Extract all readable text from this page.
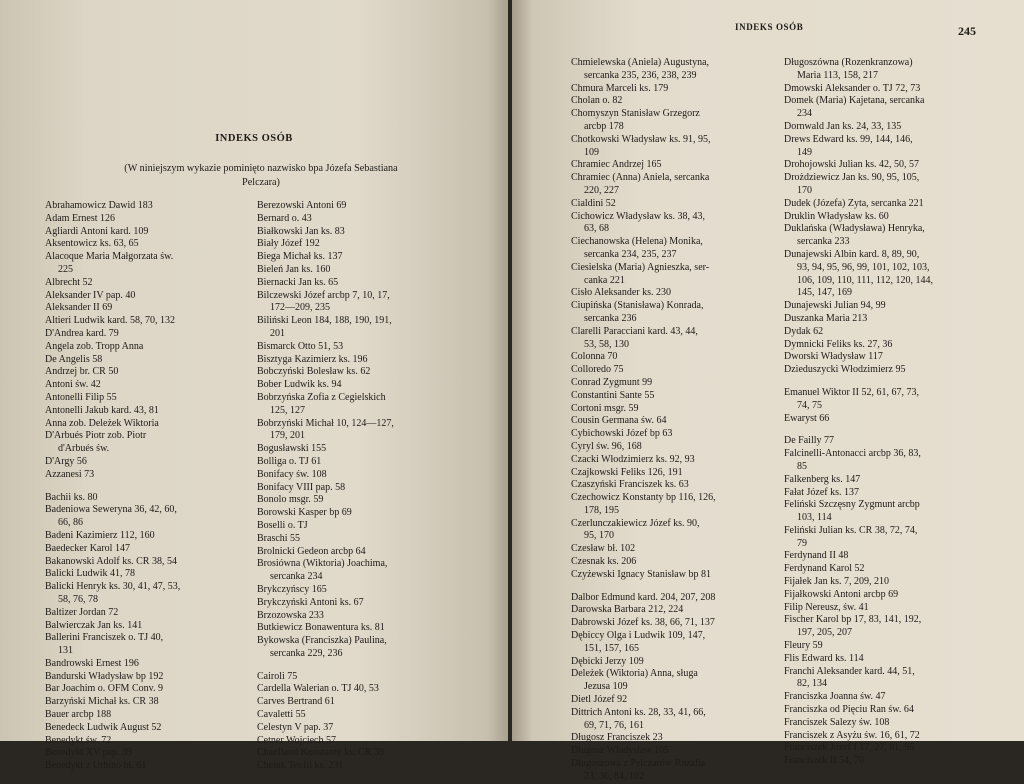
INDEKS OSÓB
(W niniejszym wykazie pominięto nazwisko bpa Józefa Sebastiana
Pelczara)
Abrahamowicz Dawid 183
Adam Ernest 126
Agliardi Antoni kard. 109
Aksentowicz ks. 63, 65
Alacoque Maria Małgorzata św.
225
Albrecht 52
Aleksander IV pap. 40
Aleksander II 69
Altieri Ludwik kard. 58, 70, 132
D'Andrea kard. 79
Angela zob. Tropp Anna
De Angelis 58
Andrzej br. CR 50
Antoni św. 42
Antonelli Filip 55
Antonelli Jakub kard. 43, 81
Anna zob. Deleżek Wiktoria
D'Arbués Piotr zob. Piotr
d'Arbués św.
D'Argy 56
Azzanesi 73
Bachii ks. 80
Badeniowa Seweryna 36, 42, 60,
66, 86
Badeni Kazimierz 112, 160
Baedecker Karol 147
Bakanowski Adolf ks. CR 38, 54
Balicki Ludwik 41, 78
Balicki Henryk ks. 30, 41, 47, 53,
58, 76, 78
Baltizer Jordan 72
Balwierczak Jan ks. 141
Ballerini Franciszek o. TJ 40,
131
Bandrowski Ernest 196
Bandurski Władysław bp 192
Bar Joachim o. OFM Conv. 9
Barzyński Michał ks. CR 38
Bauer arcbp 188
Benedeck Ludwik August 52
Benedykt św. 72
Benedykt XV pap. 39
Benedykt z Urbino bł. 61
Berezowski Antoni 69
Bernard o. 43
Białkowski Jan ks. 83
Biały Józef 192
Biega Michał ks. 137
Bieleń Jan ks. 160
Biernacki Jan ks. 65
Bilczewski Józef arcbp 7, 10, 17,
172—209, 235
Biliński Leon 184, 188, 190, 191,
201
Bismarck Otto 51, 53
Bisztyga Kazimierz ks. 196
Bobczyński Bolesław ks. 62
Bober Ludwik ks. 94
Bobrzyńska Zofia z Cegielskich
125, 127
Bobrzyński Michał 10, 124—127,
179, 201
Bogusławski 155
Bolliga o. TJ 61
Bonifacy św. 108
Bonifacy VIII pap. 58
Bonolo msgr. 59
Borowski Kasper bp 69
Boselli o. TJ
Braschi 55
Brolnicki Gedeon arcbp 64
Brosiówna (Wiktoria) Joachima,
sercanka 234
Brykczyńscy 165
Brykczyński Antoni ks. 67
Brzozowska 233
Butkiewicz Bonawentura ks. 81
Bykowska (Franciszka) Paulina,
sercanka 229, 236
Cairoli 75
Cardella Walerian o. TJ 40, 53
Carves Bertrand 61
Cavaletti 55
Celestyn V pap. 37
Cetner Wojciech 57
Chanlland Konstanty ks. CR 39
Cheiuk Teofil ks. 231
INDEKS OSÓB	245
Chmielewska (Aniela) Augustyna,
sercanka 235, 236, 238, 239
Chmura Marceli ks. 179
Cholan o. 82
Chomyszyn Stanisław Grzegorz
arcbp 178
Chotkowski Władysław ks. 91, 95,
109
Chramiec Andrzej 165
Chramiec (Anna) Aniela, sercanka
220, 227
Cialdini 52
Cichowicz Władysław ks. 38, 43,
63, 68
Ciechanowska (Helena) Monika,
sercanka 234, 235, 237
Ciesielska (Maria) Agnieszka, ser-
canka 221
Cisło Aleksander ks. 230
Ciupińska (Stanisława) Konrada,
sercanka 236
Clarelli Paracciani kard. 43, 44,
53, 58, 130
Colonna 70
Colloredo 75
Conrad Zygmunt 99
Constantini Sante 55
Cortoni msgr. 59
Cousin Germana św. 64
Cybichowski Józef bp 63
Cyryl św. 96, 168
Czacki Włodzimierz ks. 92, 93
Czajkowski Feliks 126, 191
Czaszyński Franciszek ks. 63
Czechowicz Konstanty bp 116, 126,
178, 195
Czerlunczakiewicz Józef ks. 90,
95, 170
Czesław bł. 102
Czesnak ks. 206
Czyżewski Ignacy Stanisław bp 81
Dalbor Edmund kard. 204, 207, 208
Darowska Barbara 212, 224
Dabrowski Józef ks. 38, 66, 71, 137
Dębiccy Olga i Ludwik 109, 147,
151, 157, 165
Dębicki Jerzy 109
Deleżek (Wiktoria) Anna, sługa
Jezusa 109
Dietl Józef 92
Dittrich Antoni ks. 28, 33, 41, 66,
69, 71, 76, 161
Długosz Franciszek 23
Długosz Władysław 105
Długoszowa z Pelczarów Rozalia
23, 36, 84, 102
Długoszówna (Rozenkranzowa)
Maria 113, 158, 217
Dmowski Aleksander o. TJ 72, 73
Domek (Maria) Kajetana, sercanka
234
Dornwald Jan ks. 24, 33, 135
Drews Edward ks. 99, 144, 146,
149
Drohojowski Julian ks. 42, 50, 57
Drożdziewicz Jan ks. 90, 95, 105,
170
Dudek (Józefa) Zyta, sercanka 221
Druklin Władysław ks. 60
Duklańska (Władysława) Henryka,
sercanka 233
Dunajewski Albin kard. 8, 89, 90,
93, 94, 95, 96, 99, 101, 102, 103,
106, 109, 110, 111, 112, 120, 144,
145, 147, 169
Dunajewski Julian 94, 99
Duszanka Maria 213
Dydak 62
Dymnicki Feliks ks. 27, 36
Dworski Władysław 117
Dzieduszycki Włodzimierz 95
Emanuel Wiktor II 52, 61, 67, 73,
74, 75
Ewaryst 66
De Failly 77
Falcinelli-Antonacci arcbp 36, 83,
85
Falkenberg ks. 147
Fałat Józef ks. 137
Feliński Szczęsny Zygmunt arcbp
103, 114
Feliński Julian ks. CR 38, 72, 74,
79
Ferdynand II 48
Ferdynand Karol 52
Fijałek Jan ks. 7, 209, 210
Fijałkowski Antoni arcbp 69
Filip Nereusz, św. 41
Fischer Karol bp 17, 83, 141, 192,
197, 205, 207
Fleury 59
Flis Edward ks. 114
Franchi Aleksander kard. 44, 51,
82, 134
Franciszka Joanna św. 47
Franciszka od Pięciu Ran św. 64
Franciszek Salezy św. 108
Franciszek z Asyżu św. 16, 61, 72
Franciszek Józef I 17, 27, 81, 95
Franciszek II 54, 70
